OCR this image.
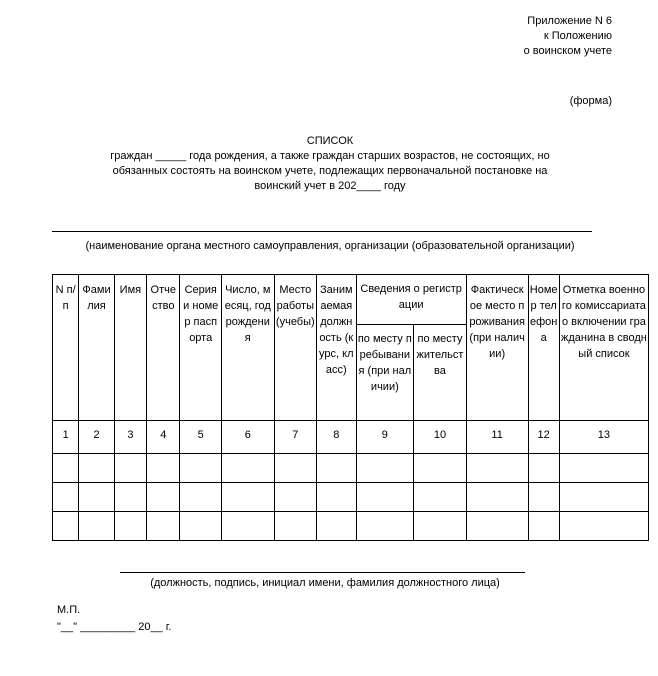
Приложение N 6
к Положению
о воинском учете
(форма)
СПИСОК
граждан _____ года рождения, а также граждан старших возрастов, не состоящих, но
обязанных состоять на воинском учете, подлежащих первоначальной постановке на
воинский учет в 202____ году
(наименование органа местного самоуправления, организации (образовательной организации)
N п/п	Фамилия	Имя	Отчество	Серия и номер паспорта	Число, месяц, год рождения	Место работы (учебы)	Занимаемая должность (курс, класс)	Сведения о регистрации		Фактическое место проживания (при наличии)	Номер телефона	Отметка военного комиссариата о включении гражданина в сводный список
								по месту пребывания (при наличии)	по месту жительства			
1	2	3	4	5	6	7	8	9	10	11	12	13

(должность, подпись, инициал имени, фамилия должностного лица)
М.П.
"__" _________ 20__ г.
